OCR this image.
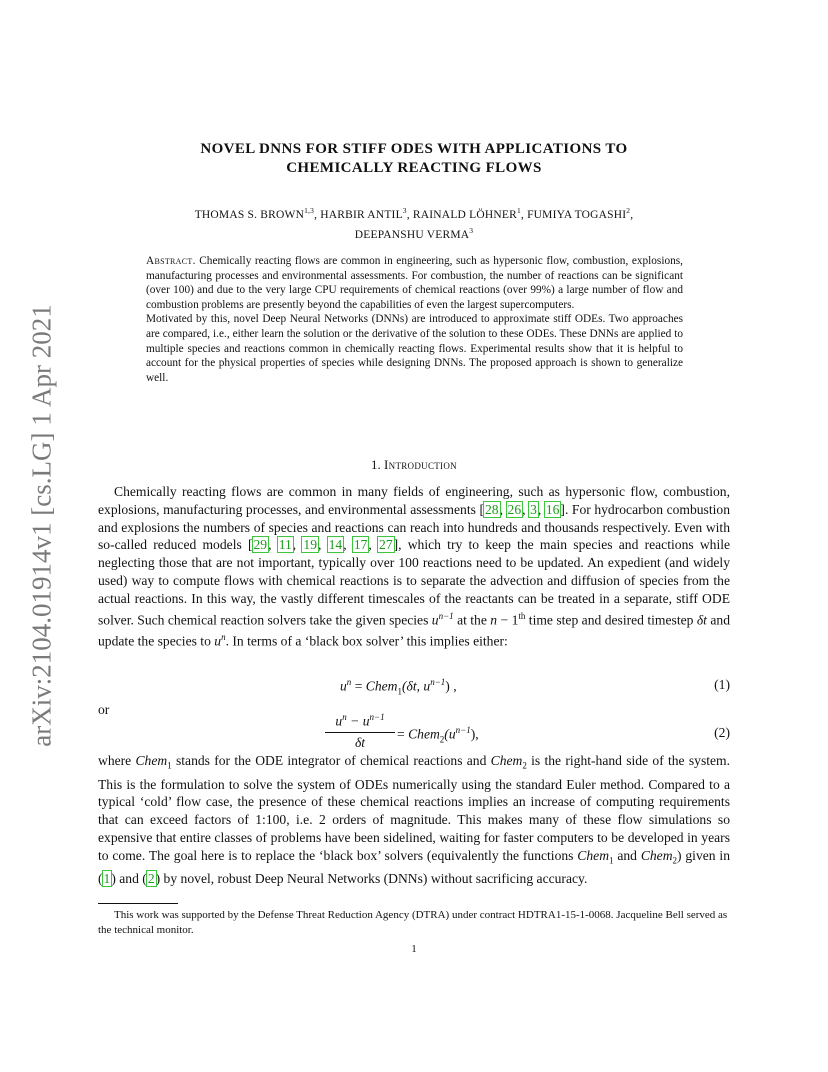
arXiv:2104.01914v1 [cs.LG] 1 Apr 2021
NOVEL DNNS FOR STIFF ODES WITH APPLICATIONS TO
CHEMICALLY REACTING FLOWS
THOMAS S. BROWN$^{1,3}$, HARBIR ANTIL$^3$, RAINALD LÖHNER$^1$, FUMIYA TOGASHI$^2$,
DEEPANSHU VERMA$^3$

Abstract. Chemically reacting flows are common in engineering, such as hypersonic flow, combustion, explosions, manufacturing processes and environmental assessments. For combustion, the number of reactions can be significant (over 100) and due to the very large CPU requirements of chemical reactions (over 99%) a large number of flow and combustion problems are presently beyond the capabilities of even the largest supercomputers.

Motivated by this, novel Deep Neural Networks (DNNs) are introduced to approximate stiff ODEs. Two approaches are compared, i.e., either learn the solution or the derivative of the solution to these ODEs. These DNNs are applied to multiple species and reactions common in chemically reacting flows. Experimental results show that it is helpful to account for the physical properties of species while designing DNNs. The proposed approach is shown to generalize well.

1. Introduction

Chemically reacting flows are common in many fields of engineering, such as hypersonic flow, combustion, explosions, manufacturing processes, and environmental assessments [28, 26, 3, 16]. For hydrocarbon combustion and explosions the numbers of species and reactions can reach into hundreds and thousands respectively. Even with so-called reduced models [29, 11, 19, 14, 17, 27], which try to keep the main species and reactions while neglecting those that are not important, typically over 100 reactions need to be updated. An expedient (and widely used) way to compute flows with chemical reactions is to separate the advection and diffusion of species from the actual reactions. In this way, the vastly different timescales of the reactants can be treated in a separate, stiff ODE solver. Such chemical reaction solvers take the given species $u^{n-1}$ at the n − 1th time step and desired timestep δt and update the species to $u^n$. In terms of a ‘black box solver’ this implies either:

$u^n$ = Chem$_1$(δt, $u^{n-1}$) ,	(1)
or
$\frac{u^n - u^{n-1}}{\delta t}$ = $Chem_2(u^{n-1})$,	(2)

where Chem$_1$ stands for the ODE integrator of chemical reactions and Chem$_2$ is the right-hand side of the system. This is the formulation to solve the system of ODEs numerically using the standard Euler method. Compared to a typical ‘cold’ flow case, the presence of these chemical reactions implies an increase of computing requirements that can exceed factors of 1:100, i.e. 2 orders of magnitude. This makes many of these flow simulations so expensive that entire classes of problems have been sidelined, waiting for faster computers to be developed in years to come. The goal here is to replace the ‘black box’ solvers (equivalently the functions Chem$_1$ and Chem$_2$) given in (1) and (2) by novel, robust Deep Neural Networks (DNNs) without sacrificing accuracy.

This work was supported by the Defense Threat Reduction Agency (DTRA) under contract HDTRA1-15-1-0068. Jacqueline Bell served as the technical monitor.

1
